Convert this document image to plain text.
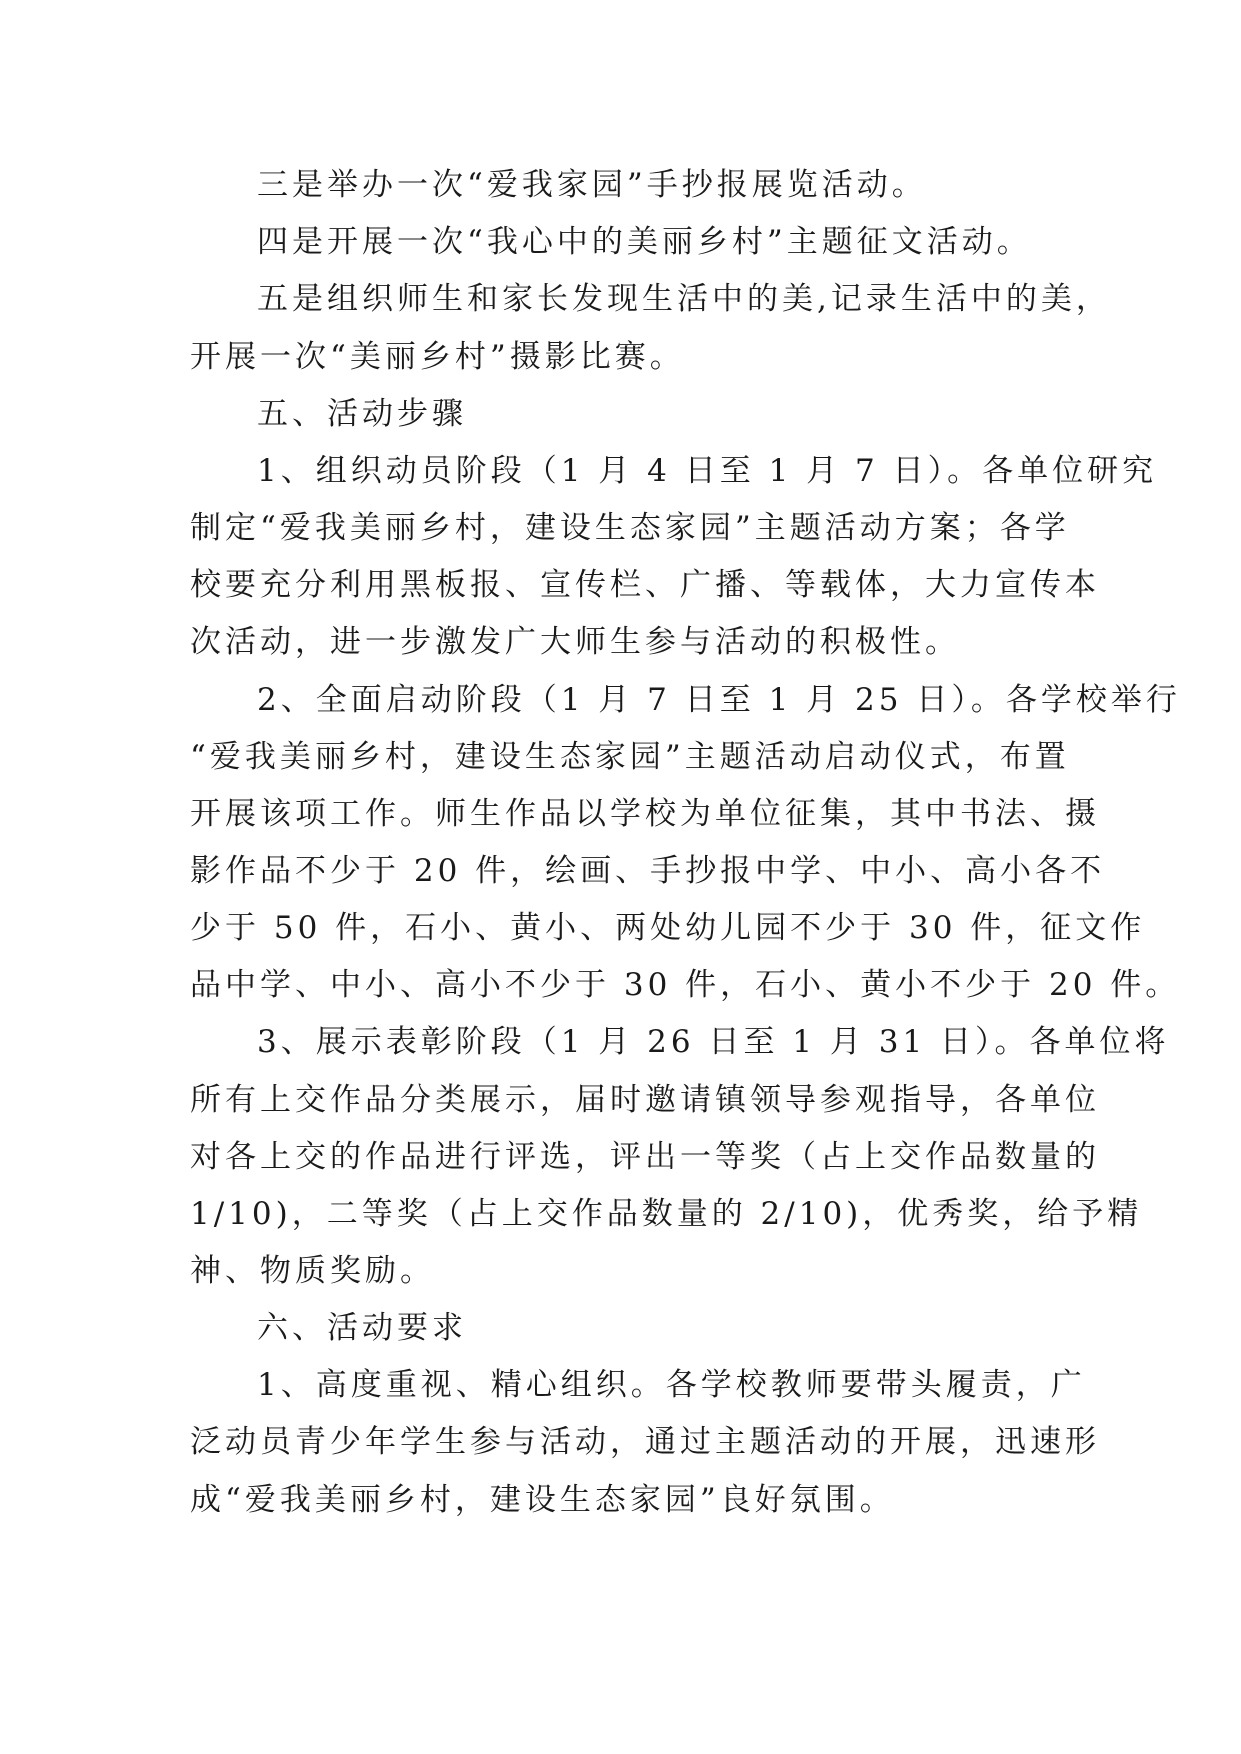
三是举办一次“爱我家园”手抄报展览活动。
四是开展一次“我心中的美丽乡村”主题征文活动。
五是组织师生和家长发现生活中的美,记录生活中的美，
开展一次“美丽乡村”摄影比赛。
五、活动步骤
1、组织动员阶段（1 月 4 日至 1 月 7 日）。各单位研究
制定“爱我美丽乡村，建设生态家园”主题活动方案；各学
校要充分利用黑板报、宣传栏、广播、等载体，大力宣传本
次活动，进一步激发广大师生参与活动的积极性。
2、全面启动阶段（1 月 7 日至 1 月 25 日）。各学校举行
“爱我美丽乡村，建设生态家园”主题活动启动仪式，布置
开展该项工作。师生作品以学校为单位征集，其中书法、摄
影作品不少于 20 件，绘画、手抄报中学、中小、高小各不
少于 50 件，石小、黄小、两处幼儿园不少于 30 件，征文作
品中学、中小、高小不少于 30 件，石小、黄小不少于 20 件。
3、展示表彰阶段（1 月 26 日至 1 月 31 日）。各单位将
所有上交作品分类展示，届时邀请镇领导参观指导，各单位
对各上交的作品进行评选，评出一等奖（占上交作品数量的
1/10)，二等奖（占上交作品数量的 2/10)，优秀奖，给予精
神、物质奖励。
六、活动要求
1、高度重视、精心组织。各学校教师要带头履责，广
泛动员青少年学生参与活动，通过主题活动的开展，迅速形
成“爱我美丽乡村，建设生态家园”良好氛围。
